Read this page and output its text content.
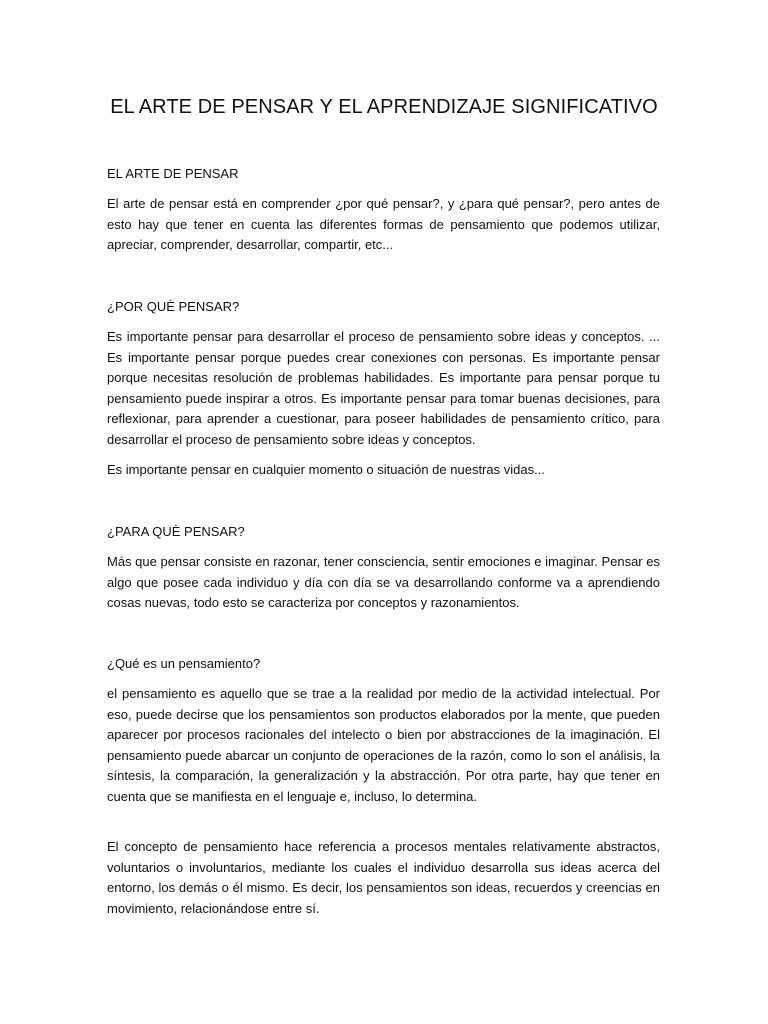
EL ARTE DE PENSAR Y EL APRENDIZAJE SIGNIFICATIVO
EL ARTE DE PENSAR
El arte de pensar está en comprender ¿por qué pensar?, y ¿para qué pensar?, pero antes de esto hay que tener en cuenta las diferentes formas de pensamiento que podemos utilizar, apreciar, comprender, desarrollar, compartir, etc...
¿POR QUÈ PENSAR?
Es importante pensar para desarrollar el proceso de pensamiento sobre ideas y conceptos. ... Es importante pensar porque puedes crear conexiones con personas. Es importante pensar porque necesitas resolución de problemas habilidades. Es importante para pensar porque tu pensamiento puede inspirar a otros. Es importante pensar para tomar buenas decisiones, para reflexionar, para aprender a cuestionar, para poseer habilidades de pensamiento crítico, para desarrollar el proceso de pensamiento sobre ideas y conceptos.
Es importante pensar en cualquier momento o situación de nuestras vidas...
¿PARA QUÈ PENSAR?
Más que pensar consiste en razonar, tener consciencia, sentir emociones e imaginar. Pensar es algo que posee cada individuo y día con día se va desarrollando conforme va a aprendiendo cosas nuevas, todo esto se caracteriza por conceptos y razonamientos.
¿Qué es un pensamiento?
el pensamiento es aquello que se trae a la realidad por medio de la actividad intelectual. Por eso, puede decirse que los pensamientos son productos elaborados por la mente, que pueden aparecer por procesos racionales del intelecto o bien por abstracciones de la imaginación. El pensamiento puede abarcar un conjunto de operaciones de la razón, como lo son el análisis, la síntesis, la comparación, la generalización y la abstracción. Por otra parte, hay que tener en cuenta que se manifiesta en el lenguaje e, incluso, lo determina.
El concepto de pensamiento hace referencia a procesos mentales relativamente abstractos, voluntarios o involuntarios, mediante los cuales el individuo desarrolla sus ideas acerca del entorno, los demás o él mismo. Es decir, los pensamientos son ideas, recuerdos y creencias en movimiento, relacionándose entre sí.
